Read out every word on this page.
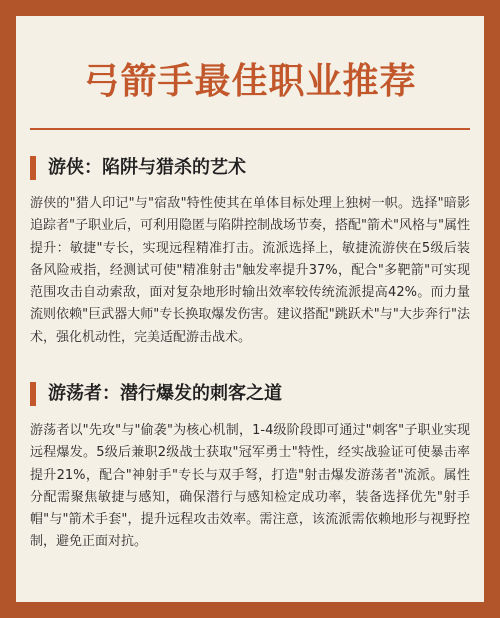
弓箭手最佳职业推荐
游侠：陷阱与猎杀的艺术
游侠的"猎人印记"与"宿敌"特性使其在单体目标处理上独树一帜。选择"暗影追踪者"子职业后，可利用隐匿与陷阱控制战场节奏，搭配"箭术"风格与"属性提升：敏捷"专长，实现远程精准打击。流派选择上，敏捷流游侠在5级后装备风险戒指，经测试可使"精准射击"触发率提升37%，配合"多靶箭"可实现范围攻击自动索敌，面对复杂地形时输出效率较传统流派提高42%。而力量流则依赖"巨武器大师"专长换取爆发伤害。建议搭配"跳跃术"与"大步奔行"法术，强化机动性，完美适配游击战术。
游荡者：潜行爆发的刺客之道
游荡者以"先攻"与"偷袭"为核心机制，1-4级阶段即可通过"刺客"子职业实现远程爆发。5级后兼职2级战士获取"冠军勇士"特性，经实战验证可使暴击率提升21%，配合"神射手"专长与双手弩，打造"射击爆发游荡者"流派。属性分配需聚焦敏捷与感知，确保潜行与感知检定成功率，装备选择优先"射手帽"与"箭术手套"，提升远程攻击效率。需注意，该流派需依赖地形与视野控制，避免正面对抗。
